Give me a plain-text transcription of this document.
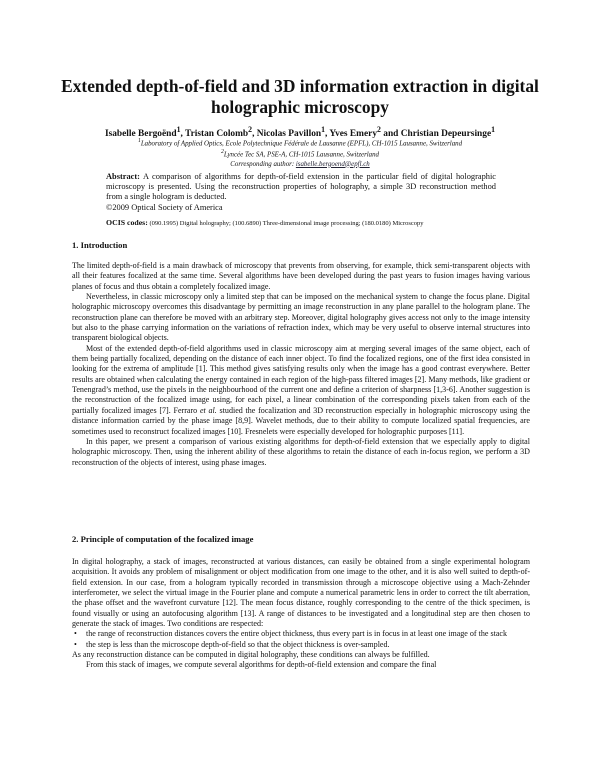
Extended depth-of-field and 3D information extraction in digital holographic microscopy
Isabelle Bergoënd$^1$, Tristan Colomb$^2$, Nicolas Pavillon$^1$, Yves Emery$^2$ and Christian Depeursinge$^1$
$^1$Laboratory of Applied Optics, Ecole Polytechnique Fédérale de Lausanne (EPFL), CH-1015 Lausanne, Switzerland
$^2$Lyncée Tec SA, PSE-A, CH-1015 Lausanne, Switzerland
Corresponding author: isabelle.bergoend@epfl.ch
Abstract: A comparison of algorithms for depth-of-field extension in the particular field of digital holographic microscopy is presented. Using the reconstruction properties of holography, a simple 3D reconstruction method from a single hologram is deducted.
©2009 Optical Society of America
OCIS codes: (090.1995) Digital holography; (100.6890) Three-dimensional image processing; (180.0180) Microscopy
1. Introduction

The limited depth-of-field is a main drawback of microscopy that prevents from observing, for example, thick semi-transparent objects with all their features focalized at the same time. Several algorithms have been developed during the past years to fusion images having various planes of focus and thus obtain a completely focalized image.

Nevertheless, in classic microscopy only a limited step that can be imposed on the mechanical system to change the focus plane. Digital holographic microscopy overcomes this disadvantage by permitting an image reconstruction in any plane parallel to the hologram plane. The reconstruction plane can therefore be moved with an arbitrary step. Moreover, digital holography gives access not only to the image intensity but also to the phase carrying information on the variations of refraction index, which may be very useful to observe internal structures into transparent biological objects.

Most of the extended depth-of-field algorithms used in classic microscopy aim at merging several images of the same object, each of them being partially focalized, depending on the distance of each inner object. To find the focalized regions, one of the first idea consisted in looking for the extrema of amplitude [1]. This method gives satisfying results only when the image has a good contrast everywhere. Better results are obtained when calculating the energy contained in each region of the high-pass filtered images [2]. Many methods, like gradient or Tenengrad’s method, use the pixels in the neighbourhood of the current one and define a criterion of sharpness [1,3-6]. Another suggestion is the reconstruction of the focalized image using, for each pixel, a linear combination of the corresponding pixels taken from each of the partially focalized images [7]. Ferraro et al. studied the focalization and 3D reconstruction especially in holographic microscopy using the distance information carried by the phase image [8,9]. Wavelet methods, due to their ability to compute localized spatial frequencies, are sometimes used to reconstruct focalized images [10]. Fresnelets were especially developed for holographic purposes [11].

In this paper, we present a comparison of various existing algorithms for depth-of-field extension that we especially apply to digital holographic microscopy. Then, using the inherent ability of these algorithms to retain the distance of each in-focus region, we perform a 3D reconstruction of the objects of interest, using phase images.

2. Principle of computation of the focalized image

In digital holography, a stack of images, reconstructed at various distances, can easily be obtained from a single experimental hologram acquisition. It avoids any problem of misalignment or object modification from one image to the other, and it is also well suited to depth-of-field extension. In our case, from a hologram typically recorded in transmission through a microscope objective using a Mach-Zehnder interferometer, we select the virtual image in the Fourier plane and compute a numerical parametric lens in order to correct the tilt aberration, the phase offset and the wavefront curvature [12]. The mean focus distance, roughly corresponding to the centre of the thick specimen, is found visually or using an autofocusing algorithm [13]. A range of distances to be investigated and a longitudinal step are then chosen to generate the stack of images. Two conditions are respected:

• the range of reconstruction distances covers the entire object thickness, thus every part is in focus in at least one image of the stack
• the step is less than the microscope depth-of-field so that the object thickness is over-sampled.

As any reconstruction distance can be computed in digital holography, these conditions can always be fulfilled.

From this stack of images, we compute several algorithms for depth-of-field extension and compare the final
